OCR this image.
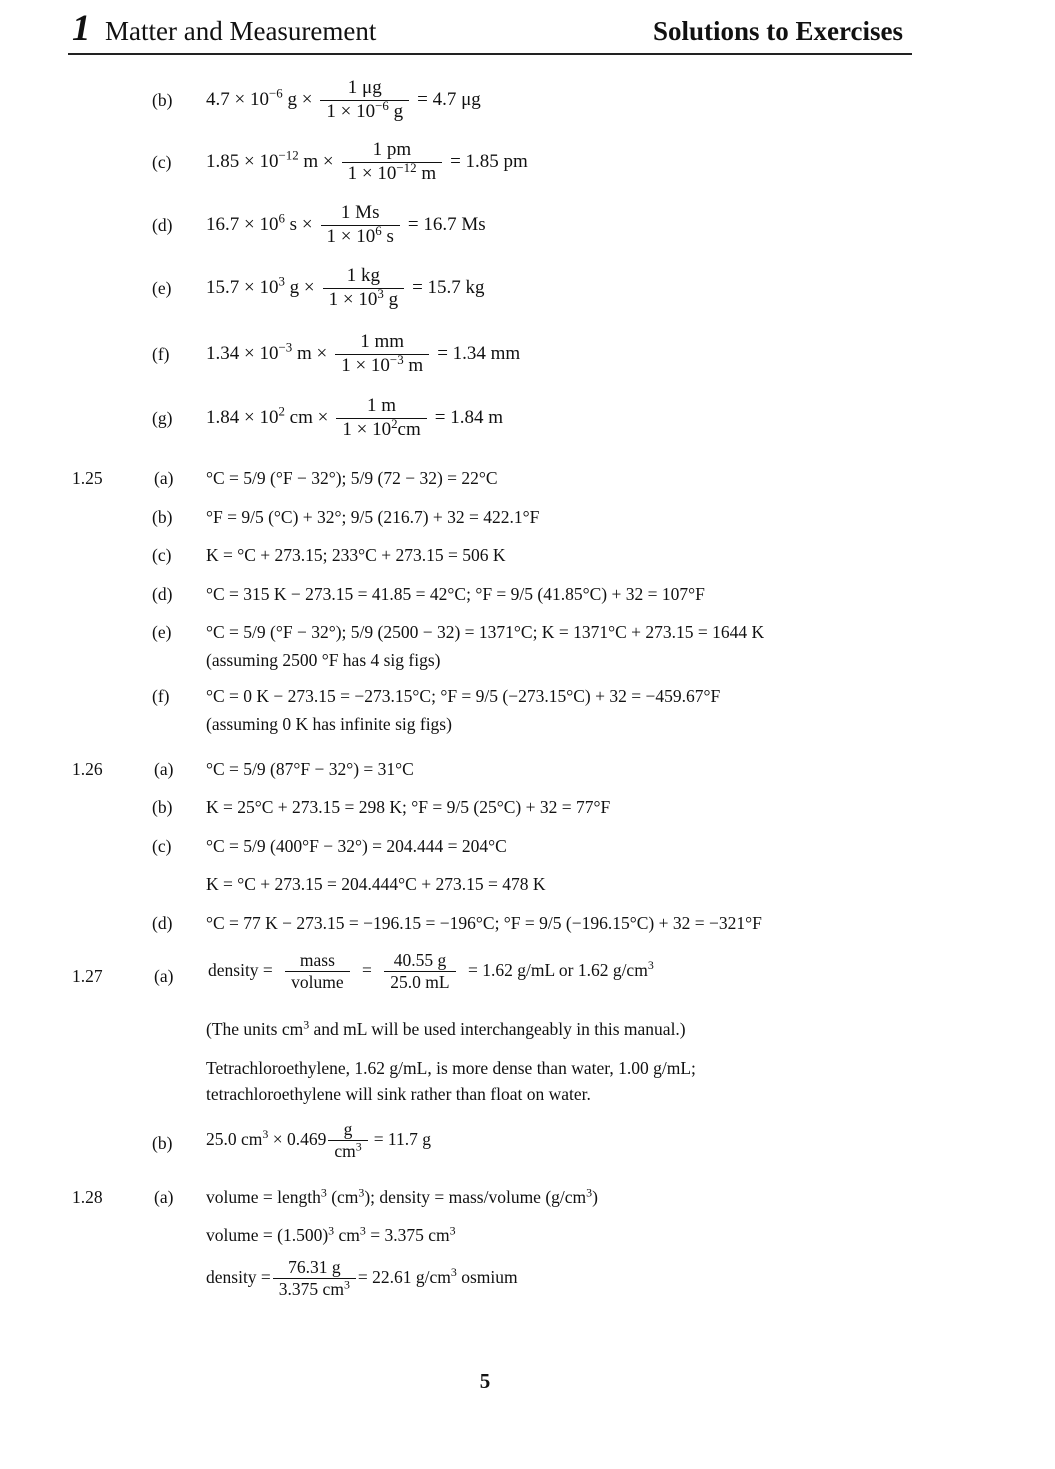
1 Matter and Measurement	Solutions to Exercises
(b) $4.7 \times 10^{-6}$ $g \times \frac{1 \mu g}{1 \times 10^{-6} g} = 4.7$ μg
(c) $1.85 \times 10^{-12}$ $m \times \frac{1 pm}{1 \times 10^{-12} m} = 1.85$ pm
(d) $16.7 \times 10^6$ $s \times \frac{1 Ms}{1 \times 10^6 s} = 16.7$ Ms
(e) $15.7 \times 10^3$ $g \times \frac{1 kg}{1 \times 10^3 g} = 15.7$ kg
(f) $1.34 \times 10^{-3}$ $m \times \frac{1 mm}{1 \times 10^{-3} m} = 1.34$ mm
(g) $1.84 \times 10^2$ cm × $\frac{1 m}{1 \times 10^2cm} = 1.84$ m
1.25	(a) °C = 5/9 (°F − 32°); 5/9 (72 − 32) = 22°C
(b) °F = 9/5 (°C) + 32°; 9/5 (216.7) + 32 = 422.1°F
(c) K = °C + 273.15; 233°C + 273.15 = 506 K
(d) °C = 315 K − 273.15 = 41.85 = 42°C; °F = 9/5 (41.85°C) + 32 = 107°F
(e) °C = 5/9 (°F − 32°); 5/9 (2500 − 32) = 1371°C; K = 1371°C + 273.15 = 1644 K
(assuming 2500 °F has 4 sig figs)
(f) °C = 0 K − 273.15 = −273.15°C; °F = 9/5 (−273.15°C) + 32 = −459.67°F
(assuming 0 K has infinite sig figs)
1.26	(a) °C = 5/9 (87°F − 32°) = 31°C
(b) K = 25°C + 273.15 = 298 K; °F = 9/5 (25°C) + 32 = 77°F
(c) °C = 5/9 (400°F − 32°) = 204.444 = 204°C
K = °C + 273.15 = 204.444°C + 273.15 = 478 K
(d) °C = 77 K − 273.15 = −196.15 = −196°C; °F = 9/5 (−196.15°C) + 32 = −321°F
1.27	(a) density = $\frac{\text{mass}}{\text{volume}} = \frac{40.55 g}{25.0 mL} = 1.62$ g/mL or 1.62 $g/cm^3$
(The units $cm^3$ and mL will be used interchangeably in this manual.)
Tetrachloroethylene, 1.62 g/mL, is more dense than water, 1.00 g/mL;
tetrachloroethylene will sink rather than float on water.
(b) 25.0 $cm^3 \times 0.469 \frac{g}{cm^3} = 11.7$ g
1.28	(a) volume = length$^3$ $(cm^3)$; density = mass/volume $(g/cm^3)$
volume = $(1.500)^3$ $cm^3 = 3.375$ $cm^3$
density = $\frac{76.31 g}{3.375 cm^3} = 22.61$ $g/cm^3$ osmium
5
